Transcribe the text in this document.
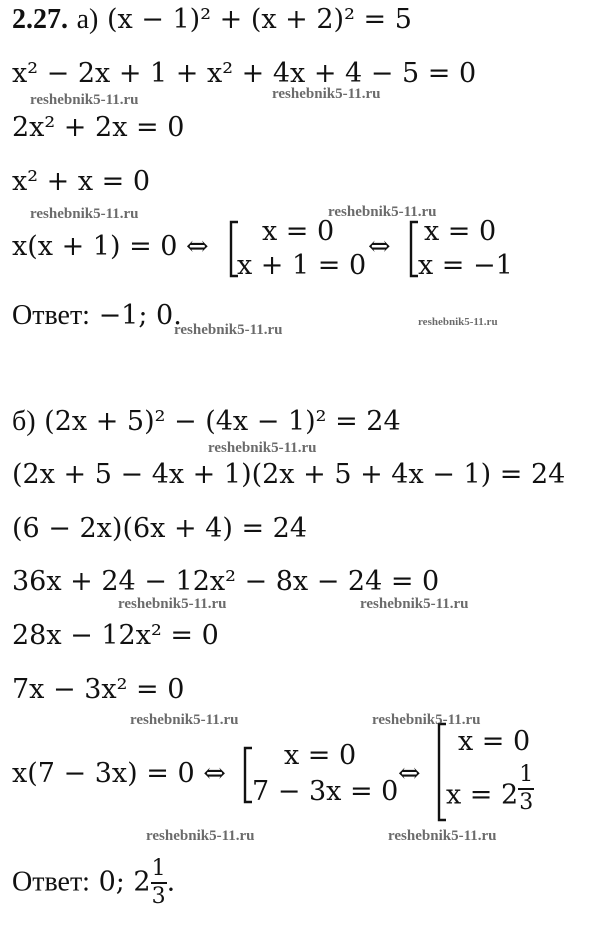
2.27. а) (x − 1)² + (x + 2)² = 5
x² − 2x + 1 + x² + 4x + 4 − 5 = 0
2x² + 2x = 0
x² + x = 0
x(x + 1) = 0 ⇔ x = 0
x + 1 = 0
⇔ x = 0
x = −1
Ответ: −1; 0.
б) (2x + 5)² − (4x − 1)² = 24
(2x + 5 − 4x + 1)(2x + 5 + 4x − 1) = 24
(6 − 2x)(6x + 4) = 24
36x + 24 − 12x² − 8x − 24 = 0
28x − 12x² = 0
7x − 3x² = 0
x(7 − 3x) = 0 ⇔
x = 0
7 − 3x = 0
⇔
x = 0
$x = 2 \frac{1}{3}$
Ответ: 0; $2 \frac{1}{3}$ .
reshebnik5-11.ru	reshebnik5-11.ru
reshebnik5-11.ru	reshebnik5-11.ru
reshebnik5-11.ru	reshebnik5-11.ru
reshebnik5-11.ru
reshebnik5-11.ru	reshebnik5-11.ru
reshebnik5-11.ru	reshebnik5-11.ru
reshebnik5-11.ru	reshebnik5-11.ru
